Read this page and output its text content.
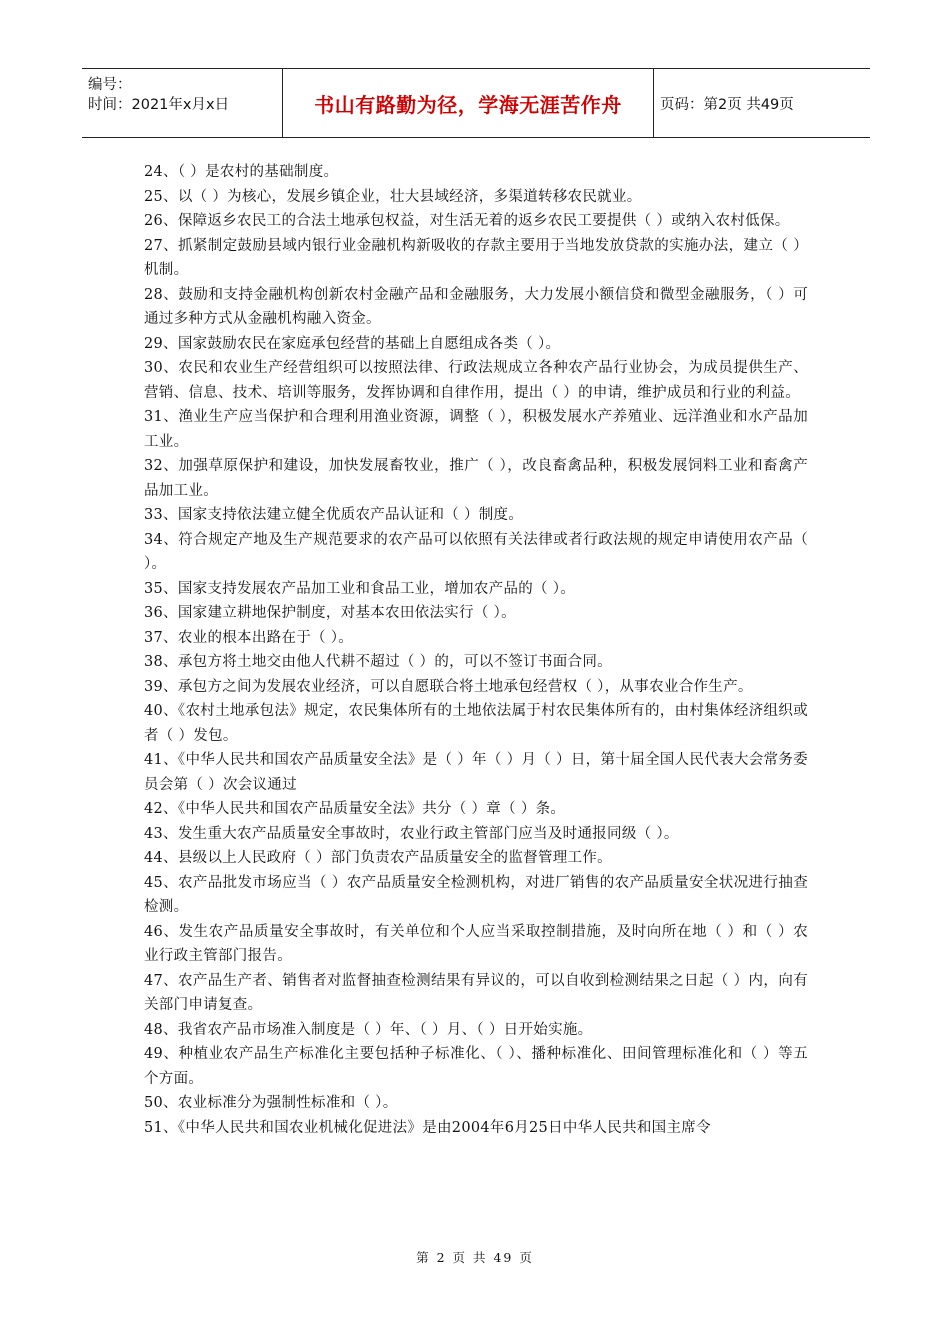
编号：
时间：2021年x月x日	书山有路勤为径，学海无涯苦作舟	页码：第2页 共49页

24、（ ）是农村的基础制度。

25、以（ ）为核心，发展乡镇企业，壮大县域经济，多渠道转移农民就业。

26、保障返乡农民工的合法土地承包权益，对生活无着的返乡农民工要提供（ ）或纳入农村低保。

27、抓紧制定鼓励县域内银行业金融机构新吸收的存款主要用于当地发放贷款的实施办法，建立（ ）机制。

28、鼓励和支持金融机构创新农村金融产品和金融服务，大力发展小额信贷和微型金融服务，（ ）可通过多种方式从金融机构融入资金。

29、国家鼓励农民在家庭承包经营的基础上自愿组成各类（ ）。

30、农民和农业生产经营组织可以按照法律、行政法规成立各种农产品行业协会，为成员提供生产、营销、信息、技术、培训等服务，发挥协调和自律作用，提出（ ）的申请，维护成员和行业的利益。

31、渔业生产应当保护和合理利用渔业资源，调整（ ），积极发展水产养殖业、远洋渔业和水产品加工业。

32、加强草原保护和建设，加快发展畜牧业，推广（ ），改良畜禽品种，积极发展饲料工业和畜禽产品加工业。

33、国家支持依法建立健全优质农产品认证和（ ）制度。

34、符合规定产地及生产规范要求的农产品可以依照有关法律或者行政法规的规定申请使用农产品（ ）。

35、国家支持发展农产品加工业和食品工业，增加农产品的（ ）。

36、国家建立耕地保护制度，对基本农田依法实行（ ）。

37、农业的根本出路在于（ ）。

38、承包方将土地交由他人代耕不超过（ ）的，可以不签订书面合同。

39、承包方之间为发展农业经济，可以自愿联合将土地承包经营权（ ），从事农业合作生产。

40、《农村土地承包法》规定，农民集体所有的土地依法属于村农民集体所有的，由村集体经济组织或者（ ）发包。

41、《中华人民共和国农产品质量安全法》是（ ）年（ ）月（ ）日，第十届全国人民代表大会常务委员会第（ ）次会议通过

42、《中华人民共和国农产品质量安全法》共分（ ）章（ ）条。

43、发生重大农产品质量安全事故时，农业行政主管部门应当及时通报同级（ ）。

44、县级以上人民政府（ ）部门负责农产品质量安全的监督管理工作。

45、农产品批发市场应当（ ）农产品质量安全检测机构，对进厂销售的农产品质量安全状况进行抽查检测。

46、发生农产品质量安全事故时，有关单位和个人应当采取控制措施，及时向所在地（ ）和（ ）农业行政主管部门报告。

47、农产品生产者、销售者对监督抽查检测结果有异议的，可以自收到检测结果之日起（ ）内，向有关部门申请复查。

48、我省农产品市场准入制度是（ ）年、（ ）月、（ ）日开始实施。

49、种植业农产品生产标准化主要包括种子标准化、（ ）、播种标准化、田间管理标准化和（ ）等五个方面。

50、农业标准分为强制性标准和（ ）。

51、《中华人民共和国农业机械化促进法》是由2004年6月25日中华人民共和国主席令

第 2 页 共 49 页
